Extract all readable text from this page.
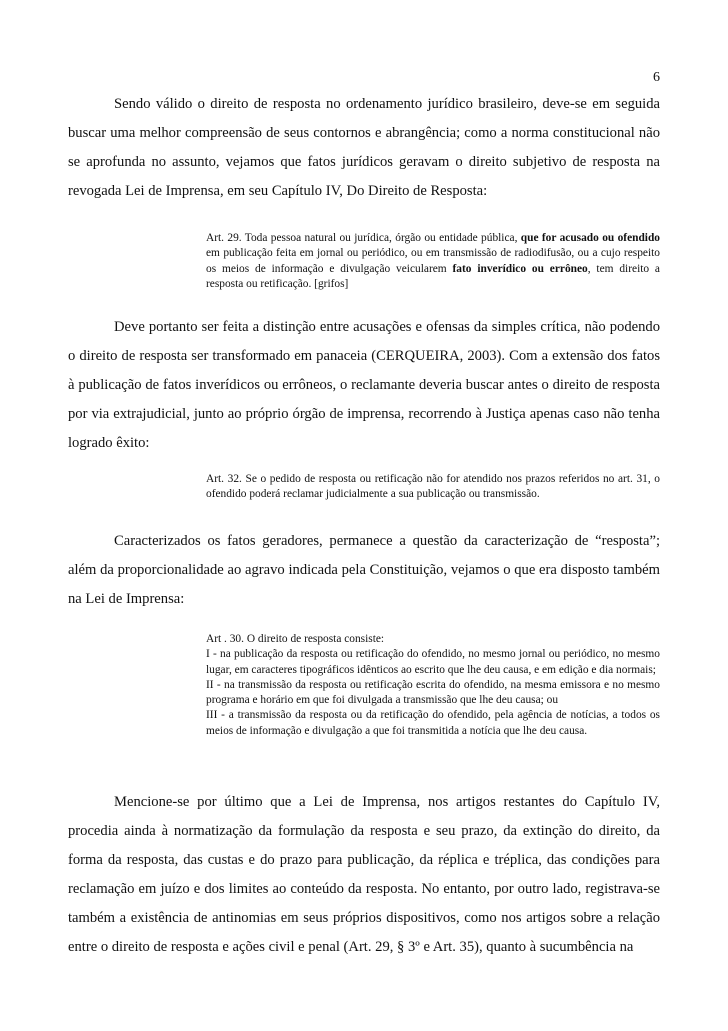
6

Sendo válido o direito de resposta no ordenamento jurídico brasileiro, deve-se em seguida buscar uma melhor compreensão de seus contornos e abrangência; como a norma constitucional não se aprofunda no assunto, vejamos que fatos jurídicos geravam o direito subjetivo de resposta na revogada Lei de Imprensa, em seu Capítulo IV, Do Direito de Resposta:

Art. 29. Toda pessoa natural ou jurídica, órgão ou entidade pública, que for acusado ou ofendido em publicação feita em jornal ou periódico, ou em transmissão de radiodifusão, ou a cujo respeito os meios de informação e divulgação veicularem fato inverídico ou errôneo, tem direito a resposta ou retificação. [grifos]

Deve portanto ser feita a distinção entre acusações e ofensas da simples crítica, não podendo o direito de resposta ser transformado em panaceia (CERQUEIRA, 2003). Com a extensão dos fatos à publicação de fatos inverídicos ou errôneos, o reclamante deveria buscar antes o direito de resposta por via extrajudicial, junto ao próprio órgão de imprensa, recorrendo à Justiça apenas caso não tenha logrado êxito:

Art. 32. Se o pedido de resposta ou retificação não for atendido nos prazos referidos no art. 31, o ofendido poderá reclamar judicialmente a sua publicação ou transmissão.

Caracterizados os fatos geradores, permanece a questão da caracterização de “resposta”; além da proporcionalidade ao agravo indicada pela Constituição, vejamos o que era disposto também na Lei de Imprensa:

Art . 30. O direito de resposta consiste:
I - na publicação da resposta ou retificação do ofendido, no mesmo jornal ou periódico, no mesmo lugar, em caracteres tipográficos idênticos ao escrito que lhe deu causa, e em edição e dia normais;
II - na transmissão da resposta ou retificação escrita do ofendido, na mesma emissora e no mesmo programa e horário em que foi divulgada a transmissão que lhe deu causa; ou
III - a transmissão da resposta ou da retificação do ofendido, pela agência de notícias, a todos os meios de informação e divulgação a que foi transmitida a notícia que lhe deu causa.

Mencione-se por último que a Lei de Imprensa, nos artigos restantes do Capítulo IV, procedia ainda à normatização da formulação da resposta e seu prazo, da extinção do direito, da forma da resposta, das custas e do prazo para publicação, da réplica e tréplica, das condições para reclamação em juízo e dos limites ao conteúdo da resposta. No entanto, por outro lado, registrava-se também a existência de antinomias em seus próprios dispositivos, como nos artigos sobre a relação entre o direito de resposta e ações civil e penal (Art. 29, § 3º e Art. 35), quanto à sucumbência na
